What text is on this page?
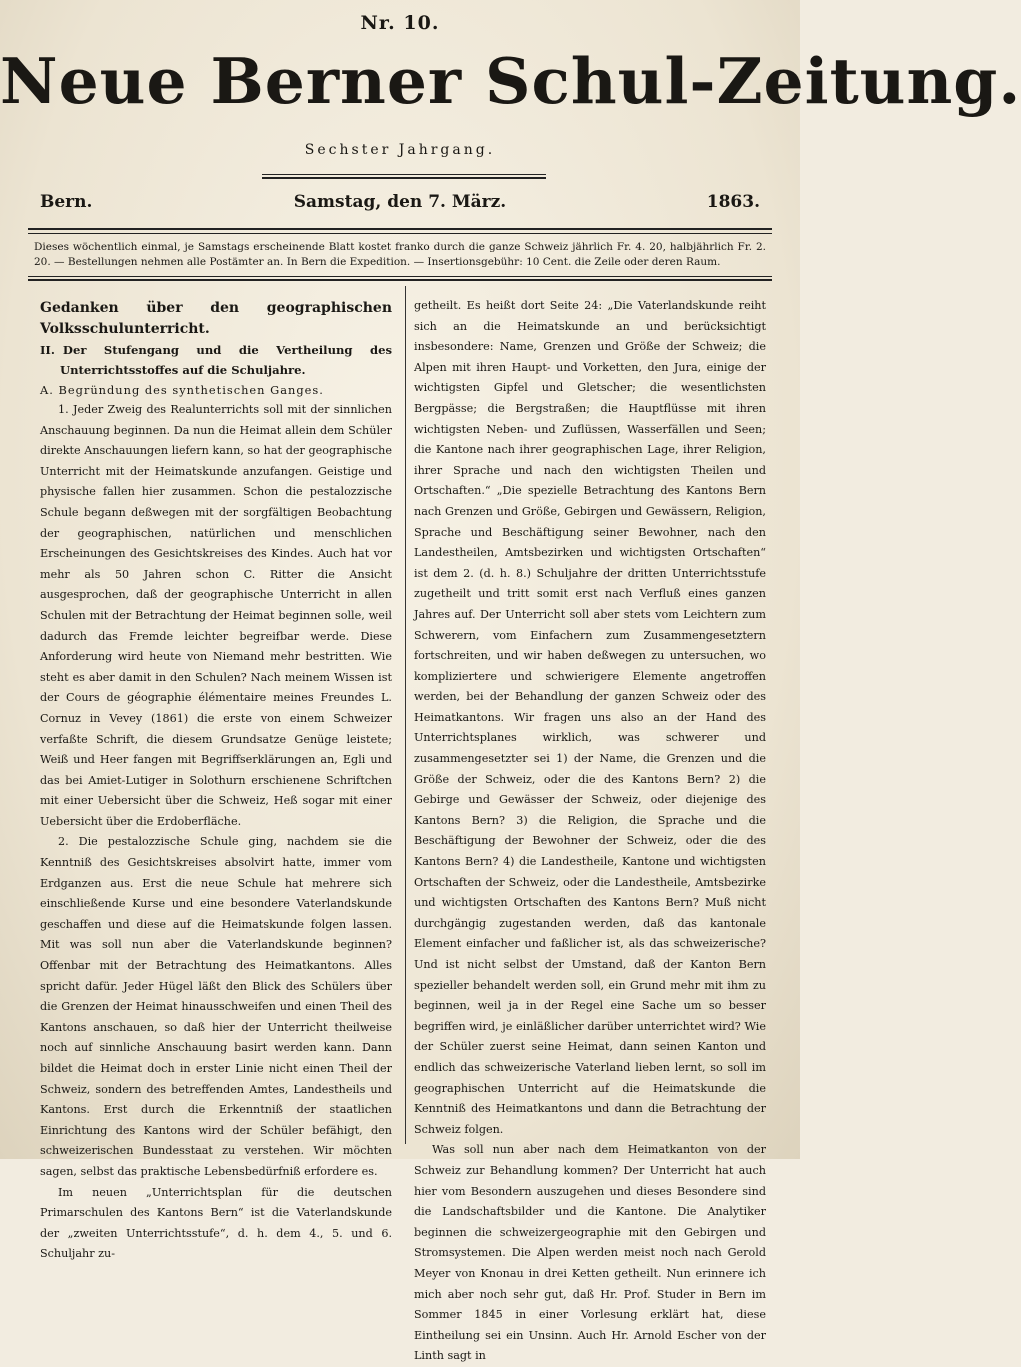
Nr. 10.
Neue Berner Schul-Zeitung.
Sechster Jahrgang.
Samstag, den 7. März.
Bern.	1863.
Dieses wöchentlich einmal, je Samstags erscheinende Blatt kostet franko durch die ganze Schweiz jährlich Fr. 4. 20, halbjährlich Fr. 2. 20. — Bestellungen nehmen alle Postämter an. In Bern die Expedition. — Insertionsgebühr: 10 Cent. die Zeile oder deren Raum.

Gedanken über den geographischen Volksschulunterricht.

II. Der Stufengang und die Vertheilung des Unterrichtsstoffes auf die Schuljahre.

A. Begründung des synthetischen Ganges.

1. Jeder Zweig des Realunterrichts soll mit der sinnlichen Anschauung beginnen. Da nun die Heimat allein dem Schüler direkte Anschauungen liefern kann, so hat der geographische Unterricht mit der Heimatskunde anzufangen. Geistige und physische fallen hier zusammen. Schon die pestalozzische Schule begann deßwegen mit der sorgfältigen Beobachtung der geographischen, natürlichen und menschlichen Erscheinungen des Gesichtskreises des Kindes. Auch hat vor mehr als 50 Jahren schon C. Ritter die Ansicht ausgesprochen, daß der geographische Unterricht in allen Schulen mit der Betrachtung der Heimat beginnen solle, weil dadurch das Fremde leichter begreifbar werde. Diese Anforderung wird heute von Niemand mehr bestritten. Wie steht es aber damit in den Schulen? Nach meinem Wissen ist der Cours de géographie élémentaire meines Freundes L. Cornuz in Vevey (1861) die erste von einem Schweizer verfaßte Schrift, die diesem Grundsatze Genüge leistete; Weiß und Heer fangen mit Begriffserklärungen an, Egli und das bei Amiet-Lutiger in Solothurn erschienene Schriftchen mit einer Uebersicht über die Schweiz, Heß sogar mit einer Uebersicht über die Erdoberfläche.

2. Die pestalozzische Schule ging, nachdem sie die Kenntniß des Gesichtskreises absolvirt hatte, immer vom Erdganzen aus. Erst die neue Schule hat mehrere sich einschließende Kurse und eine besondere Vaterlandskunde geschaffen und diese auf die Heimatskunde folgen lassen. Mit was soll nun aber die Vaterlandskunde beginnen? Offenbar mit der Betrachtung des Heimatkantons. Alles spricht dafür. Jeder Hügel läßt den Blick des Schülers über die Grenzen der Heimat hinausschweifen und einen Theil des Kantons anschauen, so daß hier der Unterricht theilweise noch auf sinnliche Anschauung basirt werden kann. Dann bildet die Heimat doch in erster Linie nicht einen Theil der Schweiz, sondern des betreffenden Amtes, Landestheils und Kantons. Erst durch die Erkenntniß der staatlichen Einrichtung des Kantons wird der Schüler befähigt, den schweizerischen Bundesstaat zu verstehen. Wir möchten sagen, selbst das praktische Lebensbedürfniß erfordere es.

Im neuen „Unterrichtsplan für die deutschen Primarschulen des Kantons Bern“ ist die Vaterlandskunde der „zweiten Unterrichtsstufe“, d. h. dem 4., 5. und 6. Schuljahr zu-

getheilt. Es heißt dort Seite 24: „Die Vaterlandskunde reiht sich an die Heimatskunde an und berücksichtigt insbesondere: Name, Grenzen und Größe der Schweiz; die Alpen mit ihren Haupt- und Vorketten, den Jura, einige der wichtigsten Gipfel und Gletscher; die wesentlichsten Bergpässe; die Bergstraßen; die Hauptflüsse mit ihren wichtigsten Neben- und Zuflüssen, Wasserfällen und Seen; die Kantone nach ihrer geographischen Lage, ihrer Religion, ihrer Sprache und nach den wichtigsten Theilen und Ortschaften.“ „Die spezielle Betrachtung des Kantons Bern nach Grenzen und Größe, Gebirgen und Gewässern, Religion, Sprache und Beschäftigung seiner Bewohner, nach den Landestheilen, Amtsbezirken und wichtigsten Ortschaften“ ist dem 2. (d. h. 8.) Schuljahre der dritten Unterrichtsstufe zugetheilt und tritt somit erst nach Verfluß eines ganzen Jahres auf. Der Unterricht soll aber stets vom Leichtern zum Schwerern, vom Einfachern zum Zusammengesetztern fortschreiten, und wir haben deßwegen zu untersuchen, wo kompliziertere und schwierigere Elemente angetroffen werden, bei der Behandlung der ganzen Schweiz oder des Heimatkantons. Wir fragen uns also an der Hand des Unterrichtsplanes wirklich, was schwerer und zusammengesetzter sei 1) der Name, die Grenzen und die Größe der Schweiz, oder die des Kantons Bern? 2) die Gebirge und Gewässer der Schweiz, oder diejenige des Kantons Bern? 3) die Religion, die Sprache und die Beschäftigung der Bewohner der Schweiz, oder die des Kantons Bern? 4) die Landestheile, Kantone und wichtigsten Ortschaften der Schweiz, oder die Landestheile, Amtsbezirke und wichtigsten Ortschaften des Kantons Bern? Muß nicht durchgängig zugestanden werden, daß das kantonale Element einfacher und faßlicher ist, als das schweizerische? Und ist nicht selbst der Umstand, daß der Kanton Bern spezieller behandelt werden soll, ein Grund mehr mit ihm zu beginnen, weil ja in der Regel eine Sache um so besser begriffen wird, je einläßlicher darüber unterrichtet wird? Wie der Schüler zuerst seine Heimat, dann seinen Kanton und endlich das schweizerische Vaterland lieben lernt, so soll im geographischen Unterricht auf die Heimatskunde die Kenntniß des Heimatkantons und dann die Betrachtung der Schweiz folgen.

Was soll nun aber nach dem Heimatkanton von der Schweiz zur Behandlung kommen? Der Unterricht hat auch hier vom Besondern auszugehen und dieses Besondere sind die Landschaftsbilder und die Kantone. Die Analytiker beginnen die schweizergeographie mit den Gebirgen und Stromsystemen. Die Alpen werden meist noch nach Gerold Meyer von Knonau in drei Ketten getheilt. Nun erinnere ich mich aber noch sehr gut, daß Hr. Prof. Studer in Bern im Sommer 1845 in einer Vorlesung erklärt hat, diese Eintheilung sei ein Unsinn. Auch Hr. Arnold Escher von der Linth sagt in
